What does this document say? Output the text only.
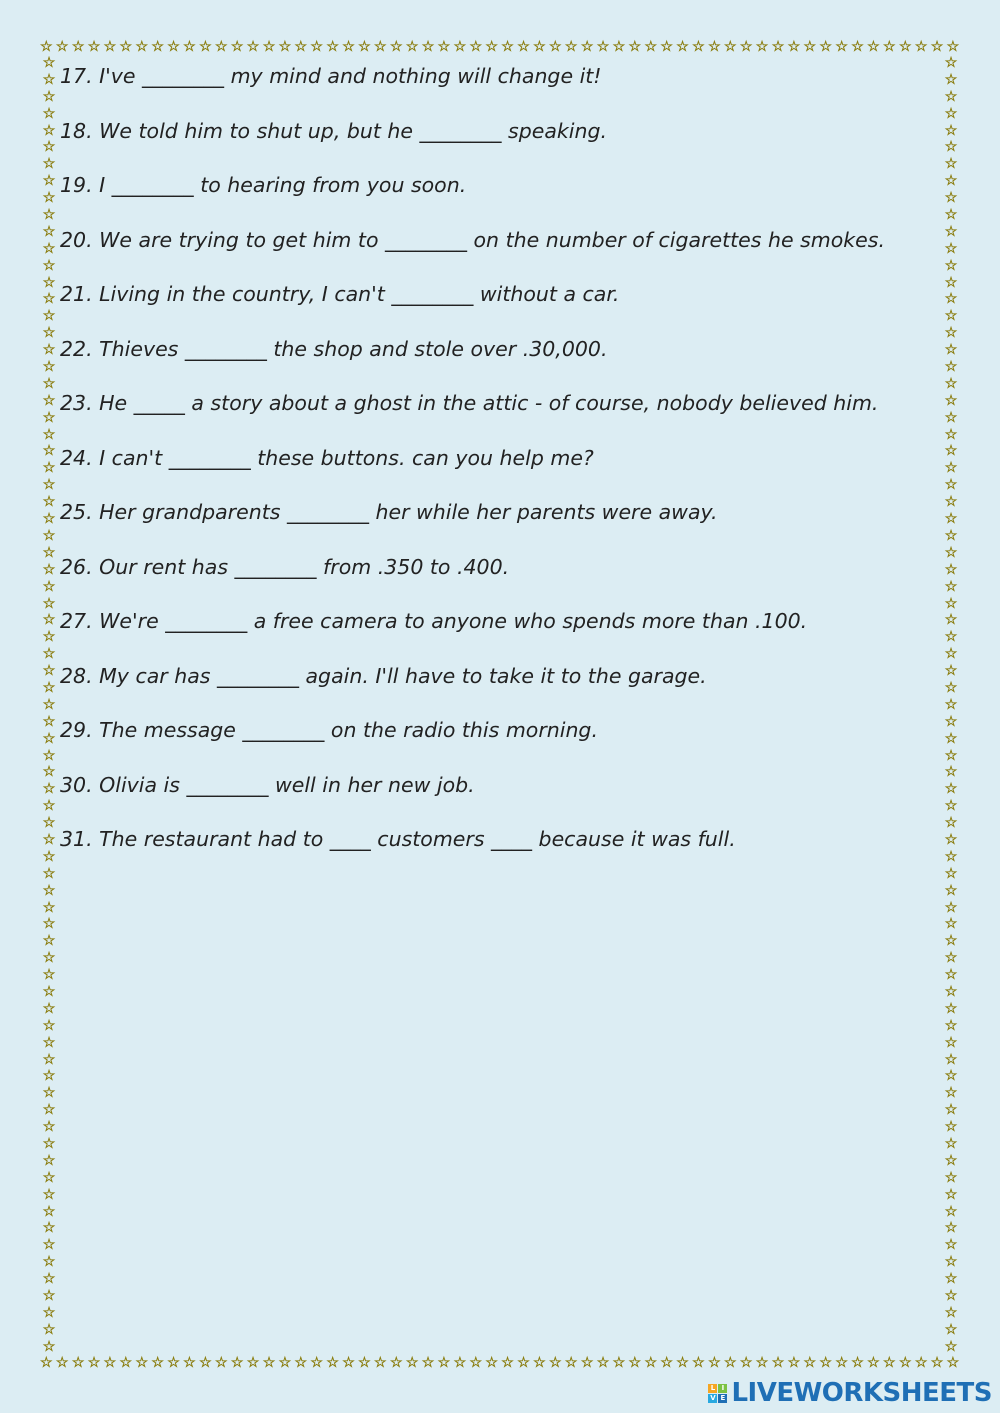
☆ ☆ ☆ ☆ ☆ ☆ ☆ ☆ ☆ ☆ ☆ ☆ ☆ ☆ ☆ ☆ ☆ ☆ ☆ ☆ ☆ ☆ ☆ ☆ ☆ ☆ ☆ ☆ ☆ ☆ ☆ ☆ ☆ ☆ ☆ ☆ ☆ ☆ ☆ ☆ ☆ ☆ ☆ ☆ ☆ ☆ ☆ ☆ ☆ ☆ ☆ ☆ ☆ ☆ ☆ ☆ ☆ ☆
☆ ☆ ☆ ☆ ☆ ☆ ☆ ☆ ☆ ☆ ☆ ☆ ☆ ☆ ☆ ☆ ☆ ☆ ☆ ☆ ☆ ☆ ☆ ☆ ☆ ☆ ☆ ☆ ☆ ☆ ☆ ☆ ☆ ☆ ☆ ☆ ☆ ☆ ☆ ☆ ☆ ☆ ☆ ☆ ☆ ☆ ☆ ☆ ☆ ☆ ☆ ☆ ☆ ☆ ☆ ☆ ☆ ☆
☆
☆
☆
☆
☆
☆
☆
☆
☆
☆
☆
☆
☆
☆
☆
☆
☆
☆
☆
☆
☆
☆
☆
☆
☆
☆
☆
☆
☆
☆
☆
☆
☆
☆
☆
☆
☆
☆
☆
☆
☆
☆
☆
☆
☆
☆
☆
☆
☆
☆
☆
☆
☆
☆
☆
☆
☆
☆
☆
☆
☆
☆
☆
☆
☆
☆
☆
☆
☆
☆
☆
☆
☆
☆
☆
☆
☆
☆
☆
☆
☆
☆
☆
☆
☆
☆
☆
☆
☆
☆
☆
☆
☆
☆
☆
☆
☆
☆
☆
☆
☆
☆
☆
☆
☆
☆
☆
☆
☆
☆
☆
☆
☆
☆
☆
☆
☆
☆
☆
☆
☆
☆
☆
☆
☆
☆
☆
☆
☆
☆
☆
☆
☆
☆
☆
☆
☆
☆
☆
☆
☆
☆
☆
☆
☆
☆
☆
☆
☆
☆
☆
☆
☆
☆

17. I've ________ my mind and nothing will change it!

18. We told him to shut up, but he ________ speaking.

19. I ________ to hearing from you soon.

20. We are trying to get him to ________ on the number of cigarettes he smokes.

21. Living in the country, I can't ________ without a car.

22. Thieves ________ the shop and stole over .30,000.

23. He _____ a story about a ghost in the attic - of course, nobody believed him.

24. I can't ________ these buttons. can you help me?

25. Her grandparents ________ her while her parents were away.

26. Our rent has ________ from .350 to .400.

27. We're ________ a free camera to anyone who spends more than .100.

28. My car has ________ again. I'll have to take it to the garage.

29. The message ________ on the radio this morning.

30. Olivia is ________ well in her new job.

31. The restaurant had to ____ customers ____ because it was full.

L I
V E LIVEWORKSHEETS
